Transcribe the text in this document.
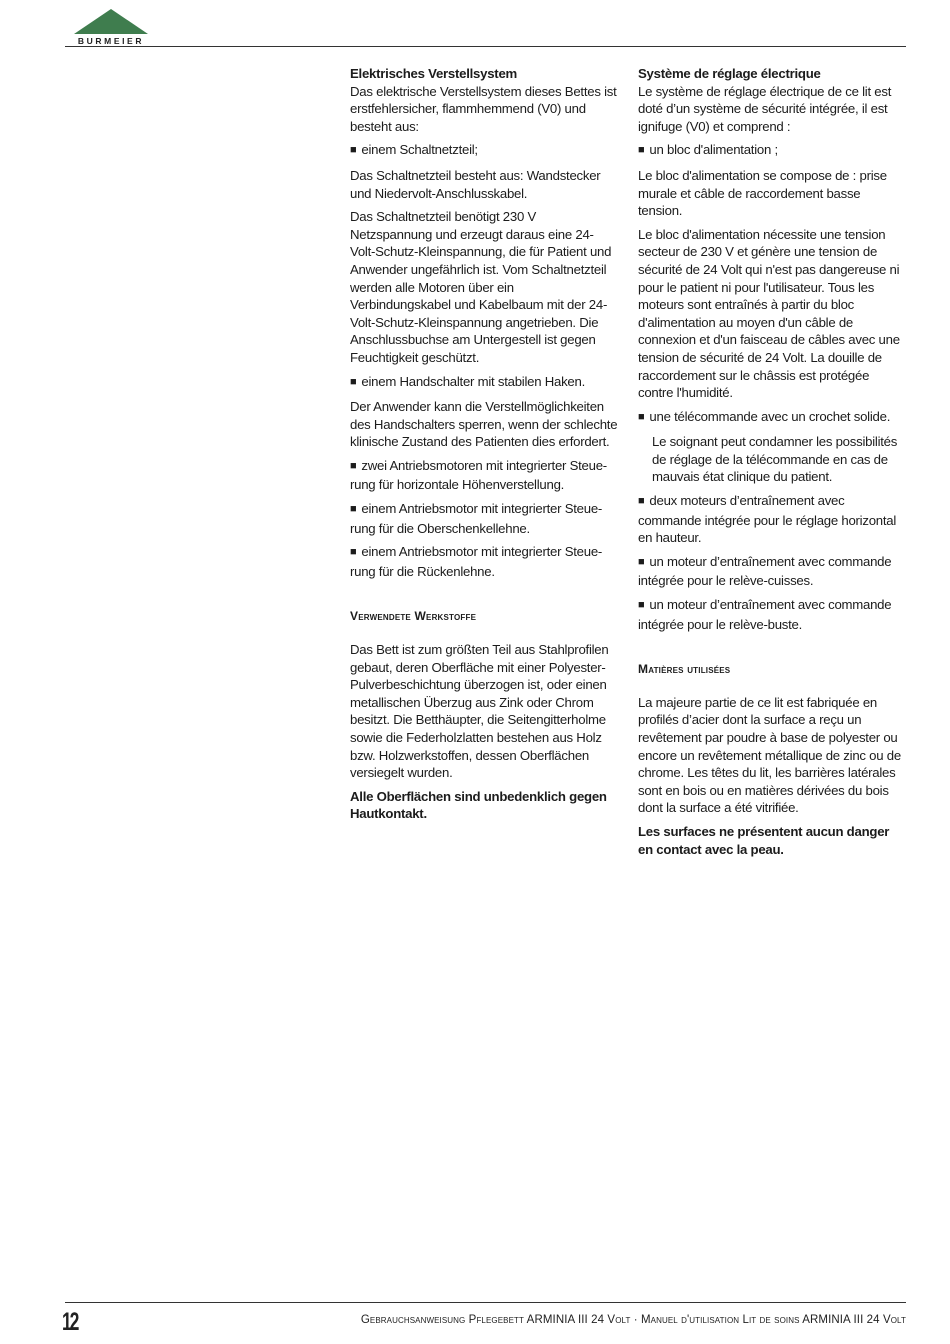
BURMEIER

Elektrisches Verstellsystem

Das elektrische Verstellsystem dieses Bettes ist erstfehlersicher, flammhemmend (V0) und besteht aus:

■ einem Schaltnetzteil;

Das Schaltnetzteil besteht aus: Wandstecker und Niedervolt-Anschlusskabel.

Das Schaltnetzteil benötigt 230 V Netzspannung und erzeugt daraus eine 24-Volt-Schutz-Kleinspannung, die für Patient und Anwender ungefährlich ist. Vom Schaltnetzteil werden alle Motoren über ein Verbindungskabel und Kabelbaum mit der 24-Volt-Schutz-Kleinspannung angetrieben. Die Anschlussbuchse am Untergestell ist gegen Feuchtigkeit geschützt.

■ einem Handschalter mit stabilen Haken.

Der Anwender kann die Verstellmöglichkeiten des Handschalters sperren, wenn der schlechte klinische Zustand des Patienten dies erfordert.

■ zwei Antriebsmotoren mit integrierter Steuerung für horizontale Höhenverstellung.

■ einem Antriebsmotor mit integrierter Steuerung für die Oberschenkellehne.

■ einem Antriebsmotor mit integrierter Steuerung für die Rückenlehne.

Verwendete Werkstoffe

Das Bett ist zum größten Teil aus Stahlprofilen gebaut, deren Oberfläche mit einer Polyester-Pulverbeschichtung überzogen ist, oder einen metallischen Überzug aus Zink oder Chrom besitzt. Die Betthäupter, die Seitengitterholme sowie die Federholzlatten bestehen aus Holz bzw. Holzwerkstoffen, dessen Oberflächen versiegelt wurden.

Alle Oberflächen sind unbedenklich gegen Hautkontakt.

Système de réglage électrique

Le système de réglage électrique de ce lit est doté d’un système de sécurité intégrée, il est ignifuge (V0) et comprend :

■ un bloc d'alimentation ;

Le bloc d'alimentation se compose de : prise murale et câble de raccordement basse tension.

Le bloc d'alimentation nécessite une tension secteur de 230 V et génère une tension de sécurité de 24 Volt qui n'est pas dangereuse ni pour le patient ni pour l'utilisateur. Tous les moteurs sont entraînés à partir du bloc d'alimentation au moyen d'un câble de connexion et d'un faisceau de câbles avec une tension de sécurité de 24 Volt. La douille de raccordement sur le châssis est protégée contre l'humidité.

■ une télécommande avec un crochet solide.

Le soignant peut condamner les possibilités de réglage de la télécommande en cas de mauvais état clinique du patient.

■ deux moteurs d’entraînement avec commande intégrée pour le réglage horizontal en hauteur.

■ un moteur d’entraînement avec commande intégrée pour le relève-cuisses.

■ un moteur d’entraînement avec commande intégrée pour le relève-buste.

Matières utilisées

La majeure partie de ce lit est fabriquée en profilés d’acier dont la surface a reçu un revêtement par poudre à base de polyester ou encore un revêtement métallique de zinc ou de chrome. Les têtes du lit, les barrières latérales sont en bois ou en matières dérivées du bois dont la surface a été vitrifiée.

Les surfaces ne présentent aucun danger en contact avec la peau.

12	Gebrauchsanweisung Pflegebett ARMINIA III 24 Volt · Manuel d'utilisation Lit de soins ARMINIA III 24 Volt
